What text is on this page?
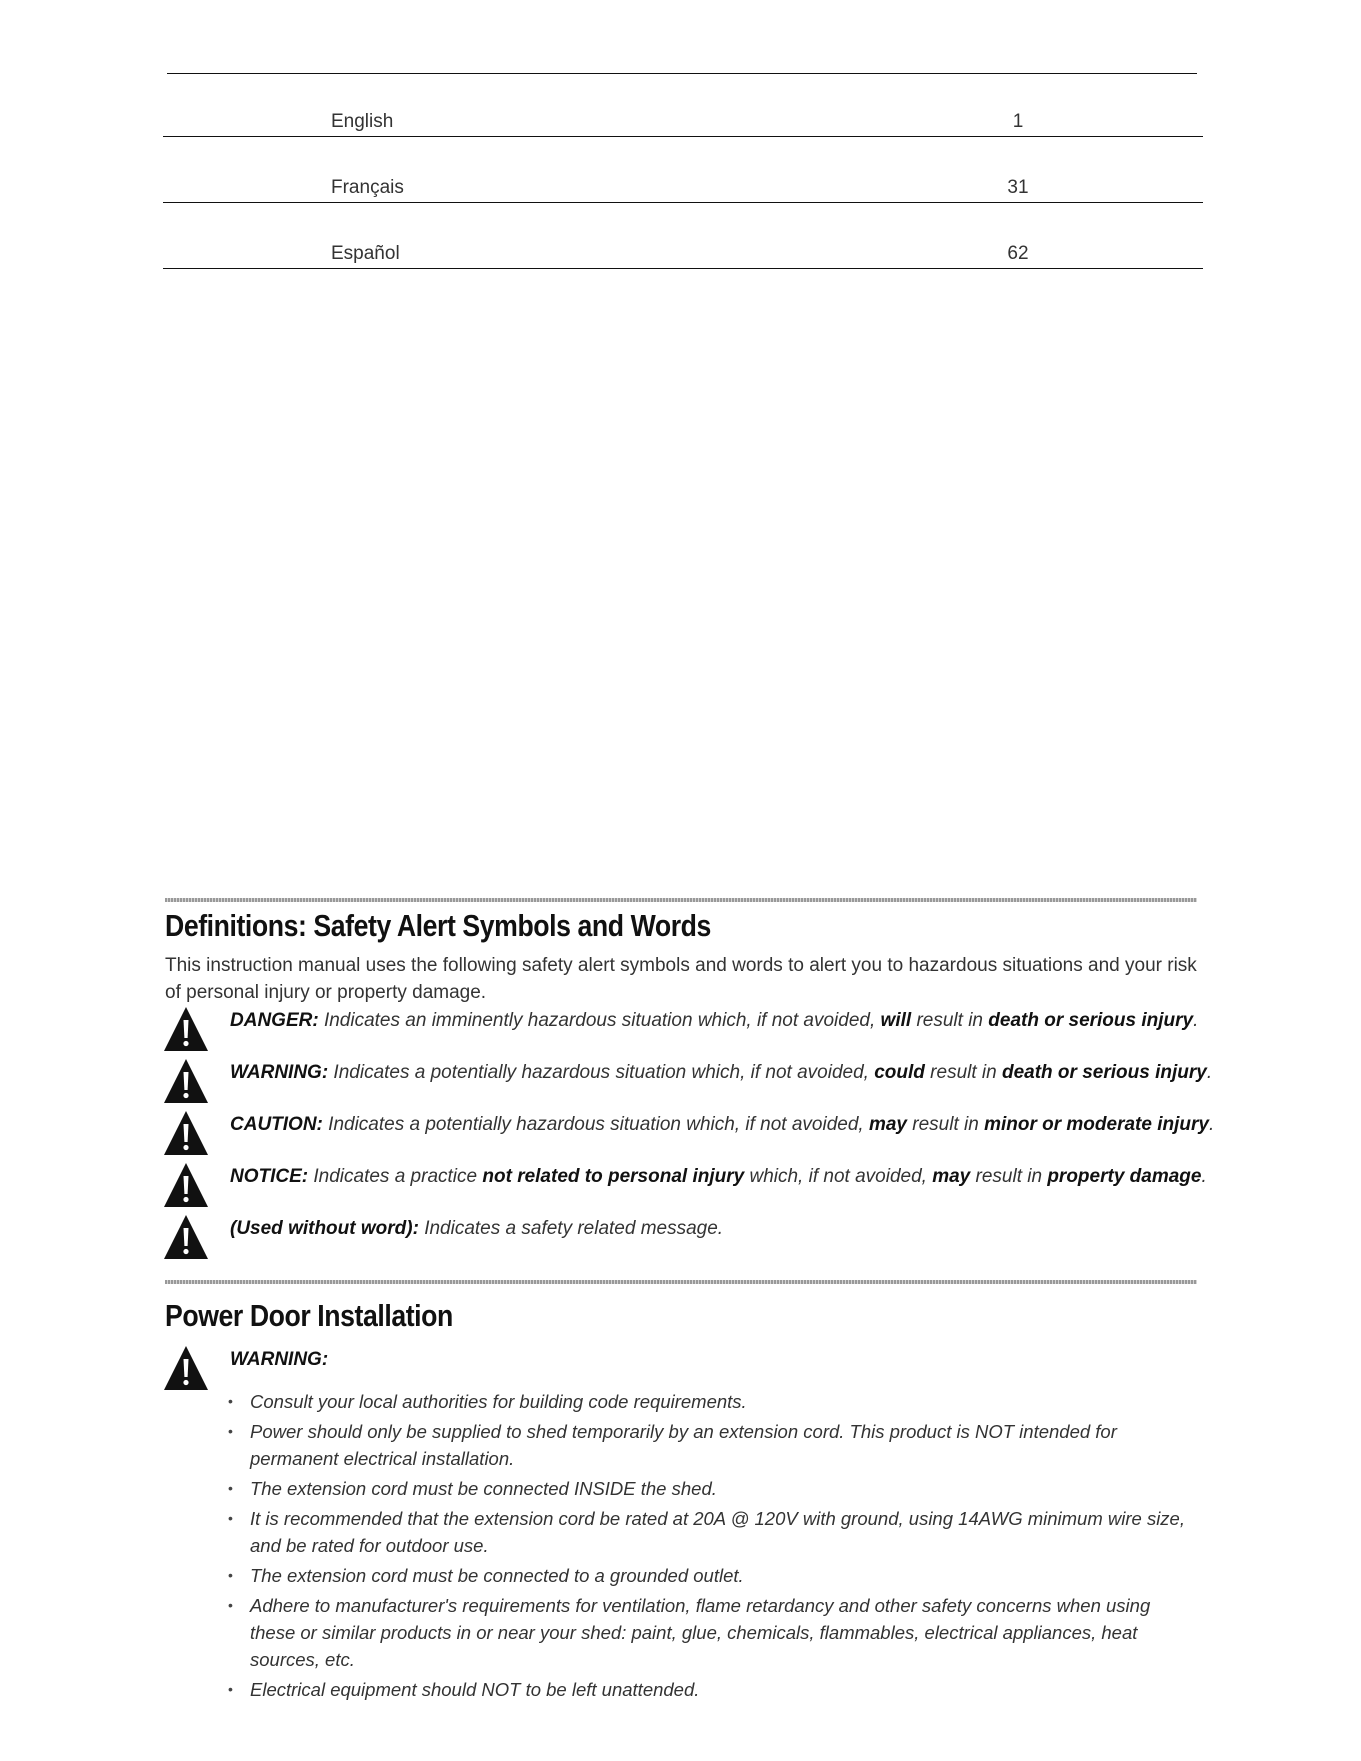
English	1
Français	31
Español	62
Definitions: Safety Alert Symbols and Words

This instruction manual uses the following safety alert symbols and words to alert you to hazardous situations and your risk of personal injury or property damage.

DANGER: Indicates an imminently hazardous situation which, if not avoided, will result in death or serious injury.
WARNING: Indicates a potentially hazardous situation which, if not avoided, could result in death or serious injury.
CAUTION: Indicates a potentially hazardous situation which, if not avoided, may result in minor or moderate injury.
NOTICE: Indicates a practice not related to personal injury which, if not avoided, may result in property damage.
(Used without word): Indicates a safety related message.
Power Door Installation
WARNING:
• Consult your local authorities for building code requirements.
• Power should only be supplied to shed temporarily by an extension cord. This product is NOT intended for permanent electrical installation.
• The extension cord must be connected INSIDE the shed.
• It is recommended that the extension cord be rated at 20A @ 120V with ground, using 14AWG minimum wire size, and be rated for outdoor use.
• The extension cord must be connected to a grounded outlet.
• Adhere to manufacturer's requirements for ventilation, flame retardancy and other safety concerns when using these or similar products in or near your shed: paint, glue, chemicals, flammables, electrical appliances, heat sources, etc.
• Electrical equipment should NOT to be left unattended.
